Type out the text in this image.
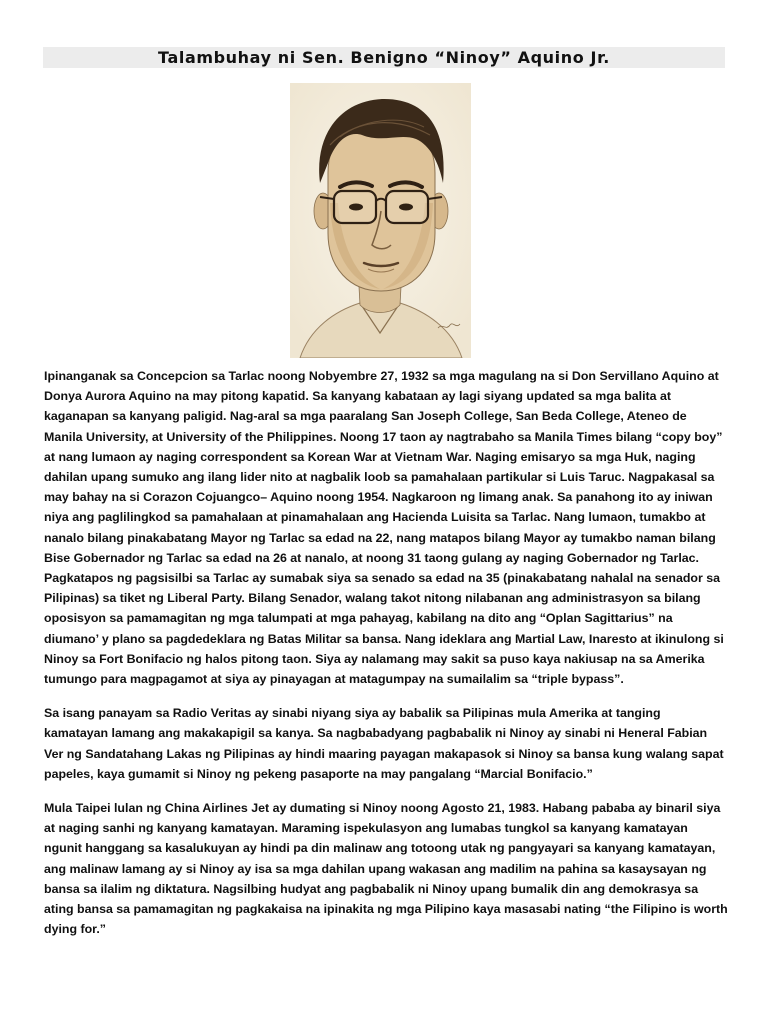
Talambuhay ni Sen. Benigno “Ninoy” Aquino Jr.

Ipinanganak sa Concepcion sa Tarlac noong Nobyembre 27, 1932 sa mga magulang na si Don Servillano Aquino at Donya Aurora Aquino na may pitong kapatid. Sa kanyang kabataan ay lagi siyang updated sa mga balita at kaganapan sa kanyang paligid. Nag-aral sa mga paaralang San Joseph College, San Beda College, Ateneo de Manila University, at University of the Philippines. Noong 17 taon ay nagtrabaho sa Manila Times bilang “copy boy” at nang lumaon ay naging correspondent sa Korean War at Vietnam War. Naging emisaryo sa mga Huk, naging dahilan upang sumuko ang ilang lider nito at nagbalik loob sa pamahalaan partikular si Luis Taruc. Nagpakasal sa may bahay na si Corazon Cojuangco– Aquino noong 1954. Nagkaroon ng limang anak. Sa panahong ito ay iniwan niya ang paglilingkod sa pamahalaan at pinamahalaan ang Hacienda Luisita sa Tarlac. Nang lumaon, tumakbo at nanalo bilang pinakabatang Mayor ng Tarlac sa edad na 22, nang matapos bilang Mayor ay tumakbo naman bilang Bise Gobernador ng Tarlac sa edad na 26 at nanalo, at noong 31 taong gulang ay naging Gobernador ng Tarlac. Pagkatapos ng pagsisilbi sa Tarlac ay sumabak siya sa senado sa edad na 35 (pinakabatang nahalal na senador sa Pilipinas) sa tiket ng Liberal Party. Bilang Senador, walang takot nitong nilabanan ang administrasyon sa bilang oposisyon sa pamamagitan ng mga talumpati at mga pahayag, kabilang na dito ang “Oplan Sagittarius” na diumano’ y plano sa pagdedeklara ng Batas Militar sa bansa. Nang ideklara ang Martial Law, Inaresto at ikinulong si Ninoy sa Fort Bonifacio ng halos pitong taon. Siya ay nalamang may sakit sa puso kaya nakiusap na sa Amerika tumungo para magpagamot at siya ay pinayagan at matagumpay na sumailalim sa “triple bypass”.

Sa isang panayam sa Radio Veritas ay sinabi niyang siya ay babalik sa Pilipinas mula Amerika at tanging kamatayan lamang ang makakapigil sa kanya. Sa nagbabadyang pagbabalik ni Ninoy ay sinabi ni Heneral Fabian Ver ng Sandatahang Lakas ng Pilipinas ay hindi maaring payagan makapasok si Ninoy sa bansa kung walang sapat papeles, kaya gumamit si Ninoy ng pekeng pasaporte na may pangalang “Marcial Bonifacio.”

Mula Taipei lulan ng China Airlines Jet ay dumating si Ninoy noong Agosto 21, 1983. Habang pababa ay binaril siya at naging sanhi ng kanyang kamatayan. Maraming ispekulasyon ang lumabas tungkol sa kanyang kamatayan ngunit hanggang sa kasalukuyan ay hindi pa din malinaw ang totoong utak ng pangyayari sa kanyang kamatayan, ang malinaw lamang ay si Ninoy ay isa sa mga dahilan upang wakasan ang madilim na pahina sa kasaysayan ng bansa sa ilalim ng diktatura. Nagsilbing hudyat ang pagbabalik ni Ninoy upang bumalik din ang demokrasya sa ating bansa sa pamamagitan ng pagkakaisa na ipinakita ng mga Pilipino kaya masasabi nating “the Filipino is worth dying for.”
